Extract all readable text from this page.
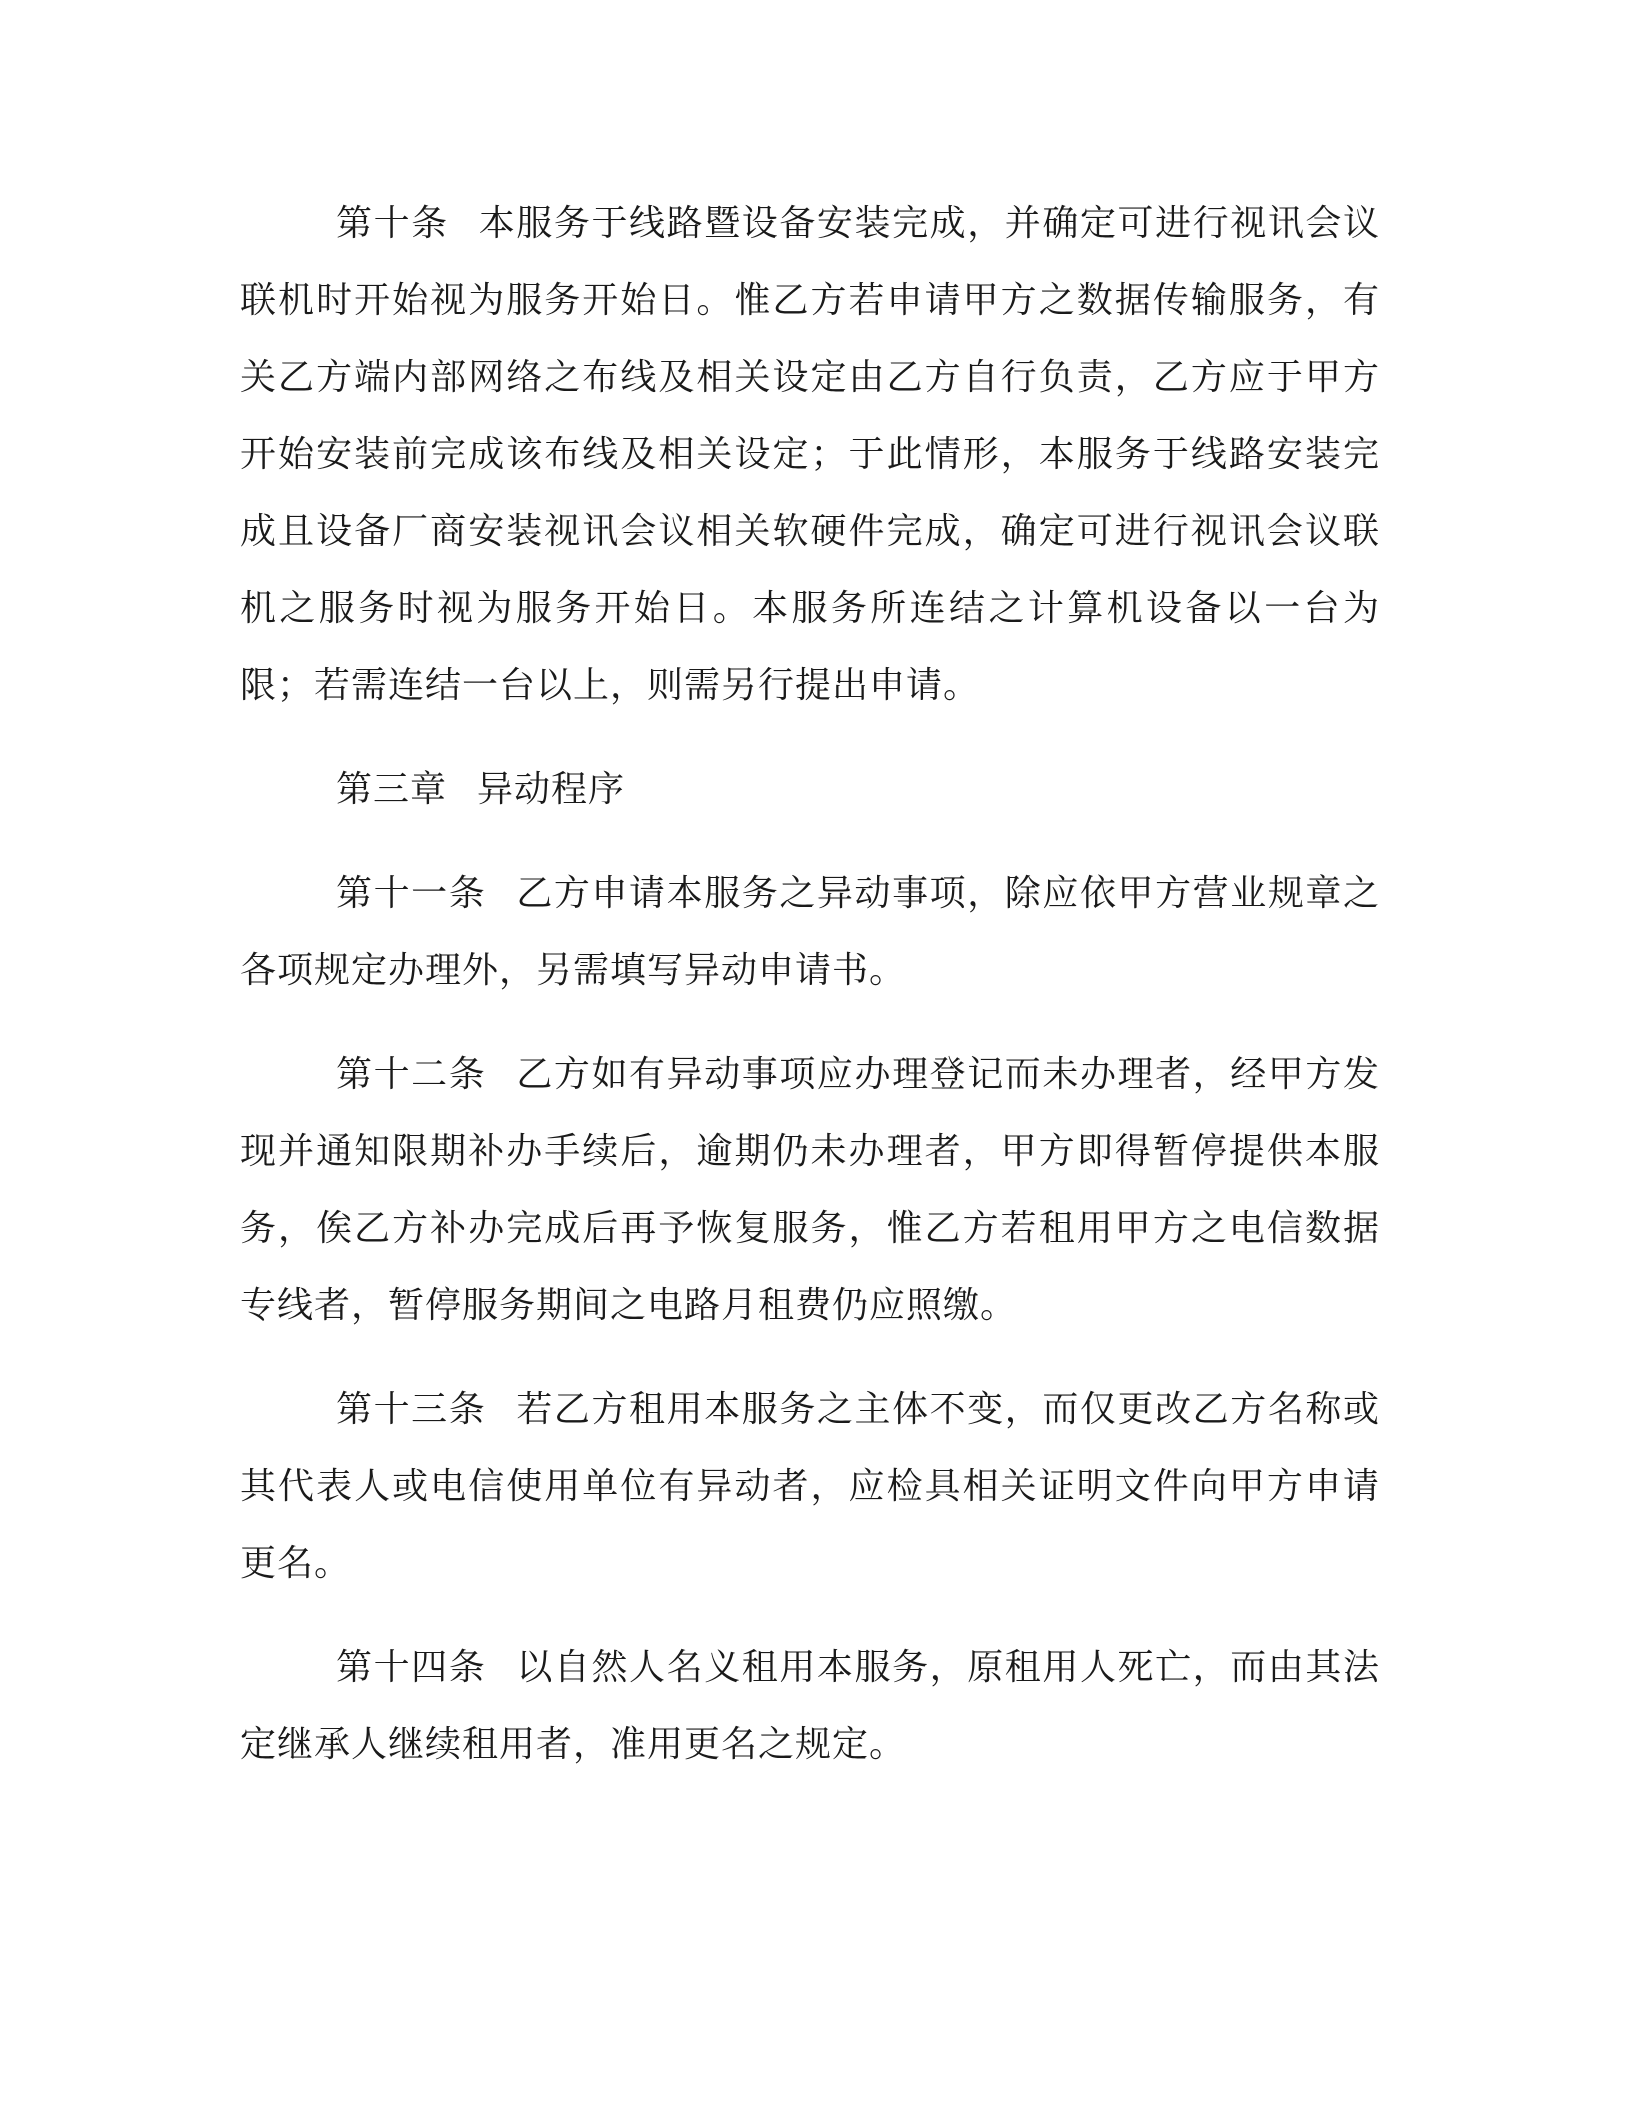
第十条 本服务于线路暨设备安装完成，并确定可进行视讯会议联机时开始视为服务开始日。惟乙方若申请甲方之数据传输服务，有关乙方端内部网络之布线及相关设定由乙方自行负责，乙方应于甲方开始安装前完成该布线及相关设定；于此情形，本服务于线路安装完成且设备厂商安装视讯会议相关软硬件完成，确定可进行视讯会议联机之服务时视为服务开始日。本服务所连结之计算机设备以一台为限；若需连结一台以上，则需另行提出申请。

第三章 异动程序

第十一条 乙方申请本服务之异动事项，除应依甲方营业规章之各项规定办理外，另需填写异动申请书。

第十二条 乙方如有异动事项应办理登记而未办理者，经甲方发现并通知限期补办手续后，逾期仍未办理者，甲方即得暂停提供本服务，俟乙方补办完成后再予恢复服务，惟乙方若租用甲方之电信数据专线者，暂停服务期间之电路月租费仍应照缴。

第十三条 若乙方租用本服务之主体不变，而仅更改乙方名称或其代表人或电信使用单位有异动者，应检具相关证明文件向甲方申请更名。

第十四条 以自然人名义租用本服务，原租用人死亡，而由其法定继承人继续租用者，准用更名之规定。
